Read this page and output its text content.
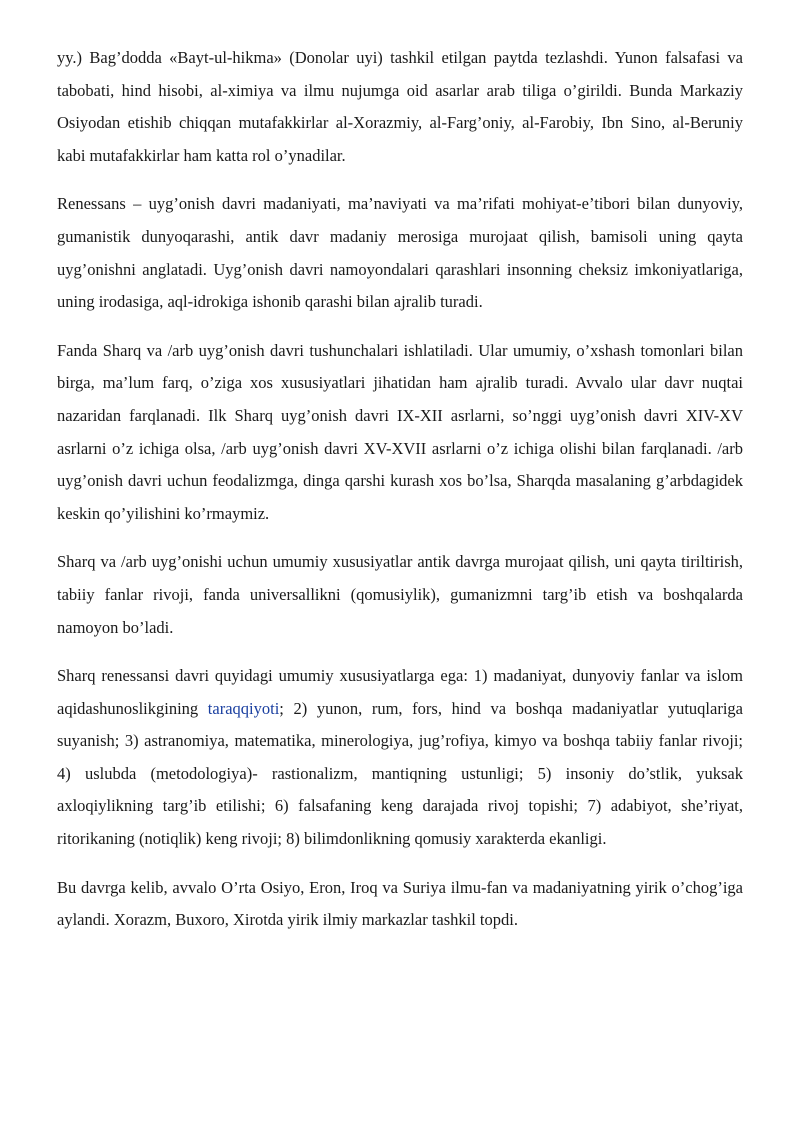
yy.) Bag’dodda «Bayt-ul-hikma» (Donolar uyi) tashkil etilgan paytda tezlashdi. Yunon falsafasi va tabobati, hind hisobi, al-ximiya va ilmu nujumga oid asarlar arab tiliga o’girildi. Bunda Markaziy Osiyodan etishib chiqqan mutafakkirlar al-Xorazmiy, al-Farg’oniy, al-Farobiy, Ibn Sino, al-Beruniy kabi mutafakkirlar ham katta rol o’ynadilar.

Renessans – uyg’onish davri madaniyati, ma’naviyati va ma’rifati mohiyat-e’tibori bilan dunyoviy, gumanistik dunyoqarashi, antik davr madaniy merosiga murojaat qilish, bamisoli uning qayta uyg’onishni anglatadi. Uyg’onish davri namoyondalari qarashlari insonning cheksiz imkoniyatlariga, uning irodasiga, aql-idrokiga ishonib qarashi bilan ajralib turadi.

Fanda Sharq va /arb uyg’onish davri tushunchalari ishlatiladi. Ular umumiy, o’xshash tomonlari bilan birga, ma’lum farq, o’ziga xos xususiyatlari jihatidan ham ajralib turadi. Avvalo ular davr nuqtai nazaridan farqlanadi. Ilk Sharq uyg’onish davri IX-XII asrlarni, so’nggi uyg’onish davri XIV-XV asrlarni o’z ichiga olsa, /arb uyg’onish davri XV-XVII asrlarni o’z ichiga olishi bilan farqlanadi. /arb uyg’onish davri uchun feodalizmga, dinga qarshi kurash xos bo’lsa, Sharqda masalaning g’arbdagidek keskin qo’yilishini ko’rmaymiz.

Sharq va /arb uyg’onishi uchun umumiy xususiyatlar antik davrga murojaat qilish, uni qayta tiriltirish, tabiiy fanlar rivoji, fanda universallikni (qomusiylik), gumanizmni targ’ib etish va boshqalarda namoyon bo’ladi.

Sharq renessansi davri quyidagi umumiy xususiyatlarga ega: 1) madaniyat, dunyoviy fanlar va islom aqidashunoslikgining taraqqiyoti; 2) yunon, rum, fors, hind va boshqa madaniyatlar yutuqlariga suyanish; 3) astranomiya, matematika, minerologiya, jug’rofiya, kimyo va boshqa tabiiy fanlar rivoji; 4) uslubda (metodologiya)- rastionalizm, mantiqning ustunligi; 5) insoniy do’stlik, yuksak axloqiylikning targ’ib etilishi; 6) falsafaning keng darajada rivoj topishi; 7) adabiyot, she’riyat, ritorikaning (notiqlik) keng rivoji; 8) bilimdonlikning qomusiy xarakterda ekanligi.

Bu davrga kelib, avvalo O’rta Osiyo, Eron, Iroq va Suriya ilmu-fan va madaniyatning yirik o’chog’iga aylandi. Xorazm, Buxoro, Xirotda yirik ilmiy markazlar tashkil topdi.
